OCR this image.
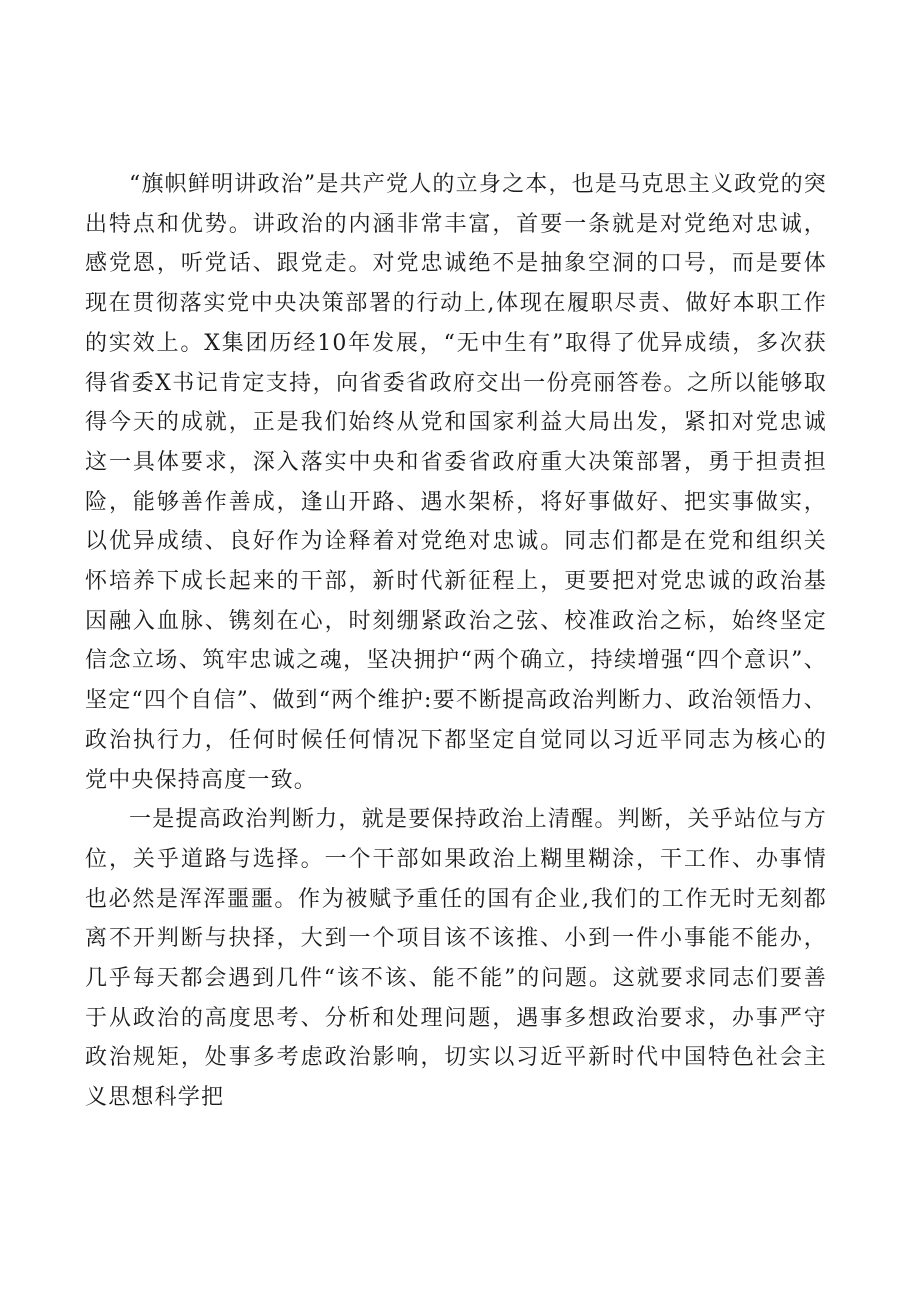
“旗帜鲜明讲政治”是共产党人的立身之本，也是马克思主义政党的突出特点和优势。讲政治的内涵非常丰富，首要一条就是对党绝对忠诚，感党恩，听党话、跟党走。对党忠诚绝不是抽象空洞的口号，而是要体现在贯彻落实党中央决策部署的行动上,体现在履职尽责、做好本职工作的实效上。X集团历经10年发展，“无中生有”取得了优异成绩，多次获得省委X书记肯定支持，向省委省政府交出一份亮丽答卷。之所以能够取得今天的成就，正是我们始终从党和国家利益大局出发，紧扣对党忠诚这一具体要求，深入落实中央和省委省政府重大决策部署，勇于担责担险，能够善作善成，逢山开路、遇水架桥，将好事做好、把实事做实，以优异成绩、良好作为诠释着对党绝对忠诚。同志们都是在党和组织关怀培养下成长起来的干部，新时代新征程上，更要把对党忠诚的政治基因融入血脉、镌刻在心，时刻绷紧政治之弦、校准政治之标，始终坚定信念立场、筑牢忠诚之魂，坚决拥护“两个确立，持续增强“四个意识”、坚定“四个自信”、做到“两个维护:要不断提高政治判断力、政治领悟力、政治执行力，任何时候任何情况下都坚定自觉同以习近平同志为核心的党中央保持高度一致。

一是提高政治判断力，就是要保持政治上清醒。判断，关乎站位与方位，关乎道路与选择。一个干部如果政治上糊里糊涂，干工作、办事情也必然是浑浑噩噩。作为被赋予重任的国有企业,我们的工作无时无刻都离不开判断与抉择，大到一个项目该不该推、小到一件小事能不能办，几乎每天都会遇到几件“该不该、能不能”的问题。这就要求同志们要善于从政治的高度思考、分析和处理问题，遇事多想政治要求，办事严守政治规矩，处事多考虑政治影响，切实以习近平新时代中国特色社会主义思想科学把
